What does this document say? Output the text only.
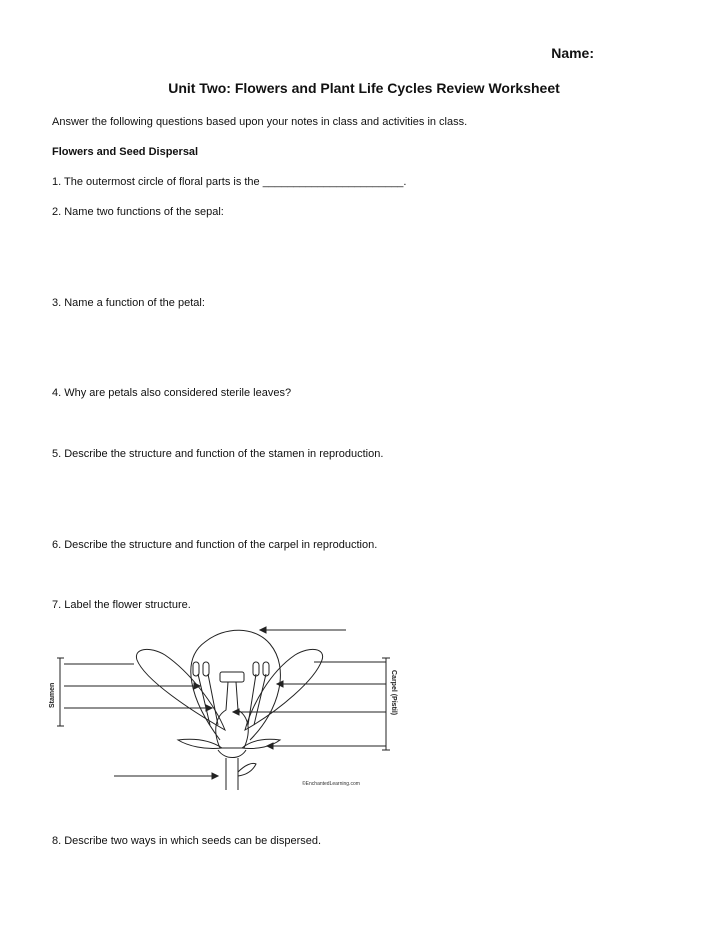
Name:
Unit Two: Flowers and Plant Life Cycles Review Worksheet
Answer the following questions based upon your notes in class and activities in class.
Flowers and Seed Dispersal
1. The outermost circle of floral parts is the _______________________.
2. Name two functions of the sepal:
3. Name a function of the petal:
4. Why are petals also considered sterile leaves?
5. Describe the structure and function of the stamen in reproduction.
6. Describe the structure and function of the carpel in reproduction.
7. Label the flower structure.
Stamen	Carpel (Pistil)
©EnchantedLearning.com
8. Describe two ways in which seeds can be dispersed.
